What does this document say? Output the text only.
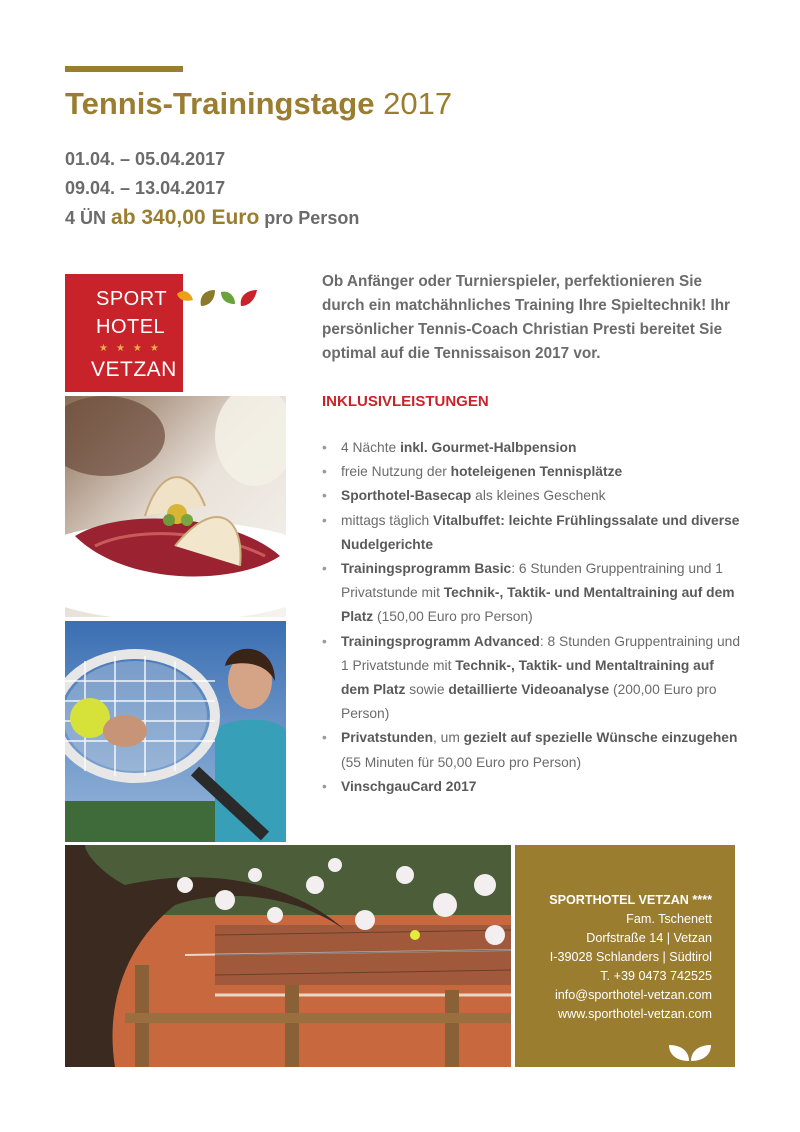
Tennis-Trainingstage 2017
01.04. – 05.04.2017
09.04. – 13.04.2017
4 ÜN ab 340,00 Euro pro Person
SPORT
HOTEL
★★★★
VETZAN
Ob Anfänger oder Turnierspieler, perfektionieren Sie durch ein matchähnliches Training Ihre Spieltechnik! Ihr persönlicher Tennis-Coach Christian Presti bereitet Sie optimal auf die Tennissaison 2017 vor.
INKLUSIVLEISTUNGEN
• 4 Nächte inkl. Gourmet-Halbpension
• freie Nutzung der hoteleigenen Tennisplätze
• Sporthotel-Basecap als kleines Geschenk
• mittags täglich Vitalbuffet: leichte Frühlingssalate und diverse Nudelgerichte
• Trainingsprogramm Basic: 6 Stunden Gruppentraining und 1 Privatstunde mit Technik-, Taktik- und Mentaltraining auf dem Platz (150,00 Euro pro Person)
• Trainingsprogramm Advanced: 8 Stunden Gruppentraining und 1 Privatstunde mit Technik-, Taktik- und Mentaltraining auf dem Platz sowie detaillierte Videoanalyse (200,00 Euro pro Person)
• Privatstunden, um gezielt auf spezielle Wünsche einzugehen (55 Minuten für 50,00 Euro pro Person)
• VinschgauCard 2017
SPORTHOTEL VETZAN ****
Fam. Tschenett
Dorfstraße 14 | Vetzan
I-39028 Schlanders | Südtirol
T. +39 0473 742525
info@sporthotel-vetzan.com
www.sporthotel-vetzan.com
